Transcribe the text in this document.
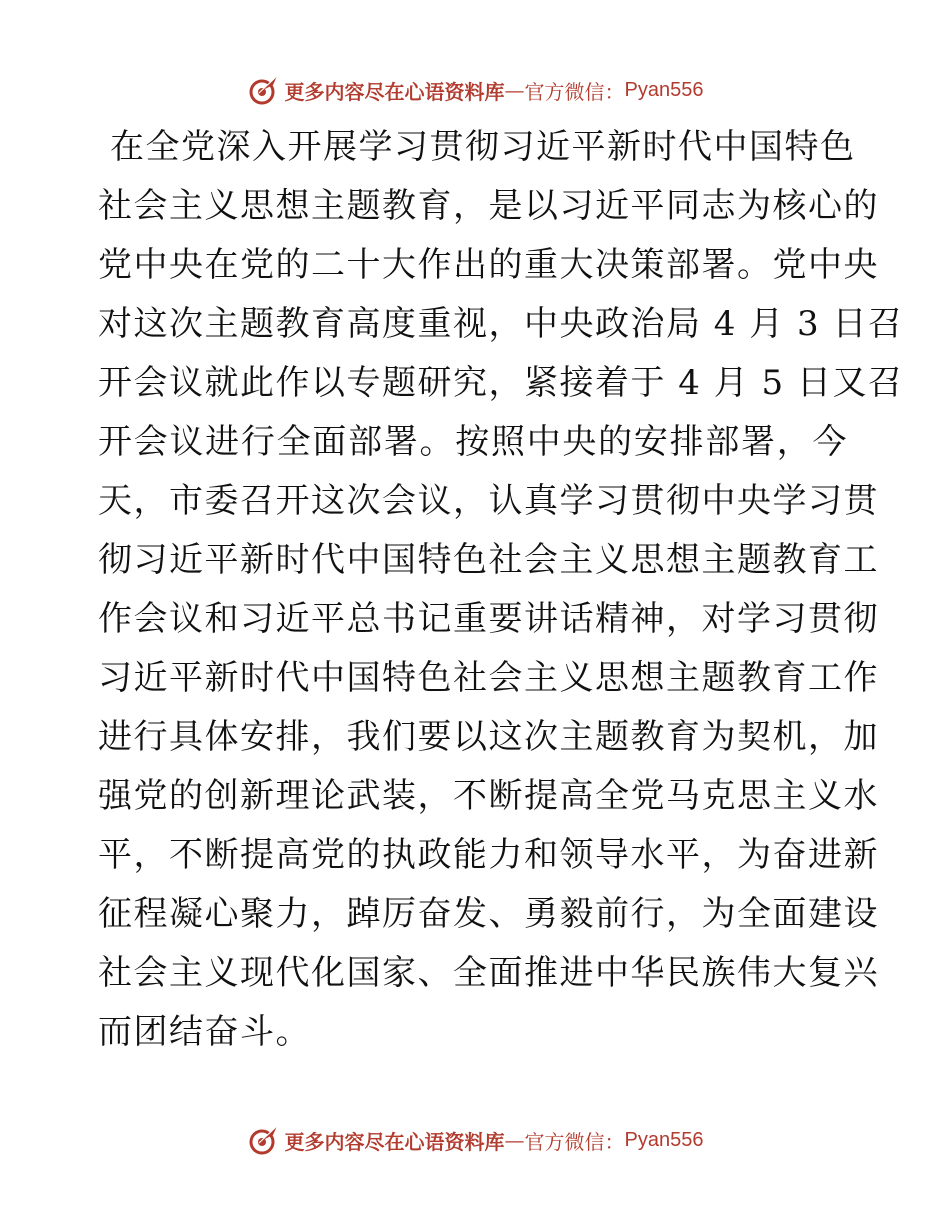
更多内容尽在心语资料库 — 官方微信： Pyan556
在全党深入开展学习贯彻习近平新时代中国特色
社会主义思想主题教育，是以习近平同志为核心的
党中央在党的二十大作出的重大决策部署。党中央
对这次主题教育高度重视，中央政治局 4 月 3 日召
开会议就此作以专题研究，紧接着于 4 月 5 日又召
开会议进行全面部署。按照中央的安排部署，今
天，市委召开这次会议，认真学习贯彻中央学习贯
彻习近平新时代中国特色社会主义思想主题教育工
作会议和习近平总书记重要讲话精神，对学习贯彻
习近平新时代中国特色社会主义思想主题教育工作
进行具体安排，我们要以这次主题教育为契机，加
强党的创新理论武装，不断提高全党马克思主义水
平，不断提高党的执政能力和领导水平，为奋进新
征程凝心聚力，踔厉奋发、勇毅前行，为全面建设
社会主义现代化国家、全面推进中华民族伟大复兴
而团结奋斗。
更多内容尽在心语资料库 — 官方微信： Pyan556
